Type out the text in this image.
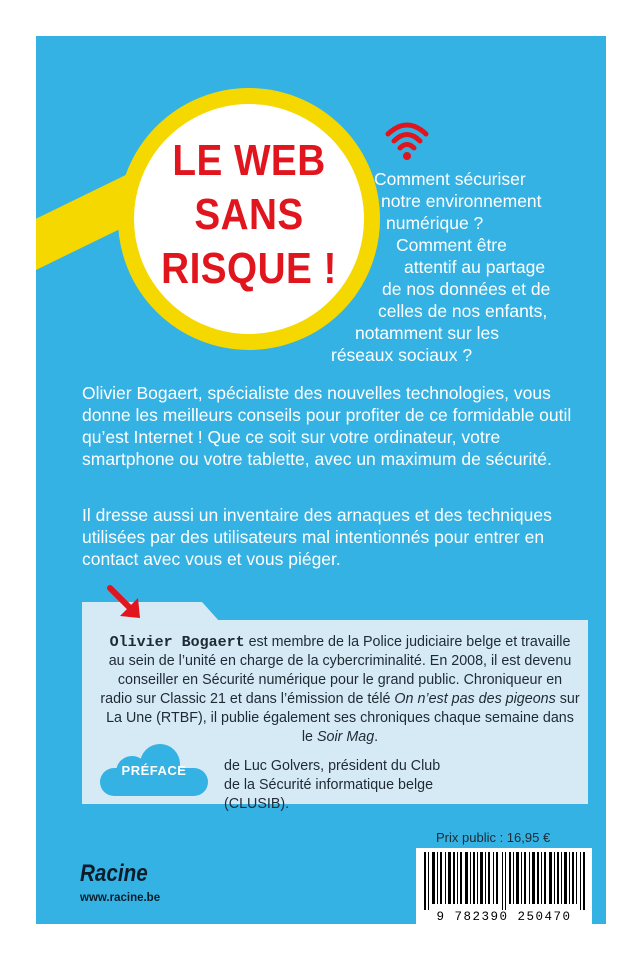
LE WEB
SANS
RISQUE !
Comment sécuriser
notre environnement
numérique ?
Comment être
attentif au partage
de nos données et de
celles de nos enfants,
notamment sur les
réseaux sociaux ?
Olivier Bogaert, spécialiste des nouvelles technologies, vous donne les meilleurs conseils pour profiter de ce formidable outil qu’est Internet ! Que ce soit sur votre ordinateur, votre smartphone ou votre tablette, avec un maximum de sécurité.
Il dresse aussi un inventaire des arnaques et des techniques utilisées par des utilisateurs mal intentionnés pour entrer en contact avec vous et vous piéger.
Olivier Bogaert est membre de la Police judiciaire belge et travaille au sein de l’unité en charge de la cybercriminalité. En 2008, il est devenu conseiller en Sécurité numérique pour le grand public. Chroniqueur en radio sur Classic 21 et dans l’émission de télé On n’est pas des pigeons sur La Une (RTBF), il publie également ses chroniques chaque semaine dans le Soir Mag.
PRÉFACE	de Luc Golvers, président du Club de la Sécurité informatique belge (CLUSIB).
Prix public : 16,95 €
9 782390 250470
Racine
www.racine.be
